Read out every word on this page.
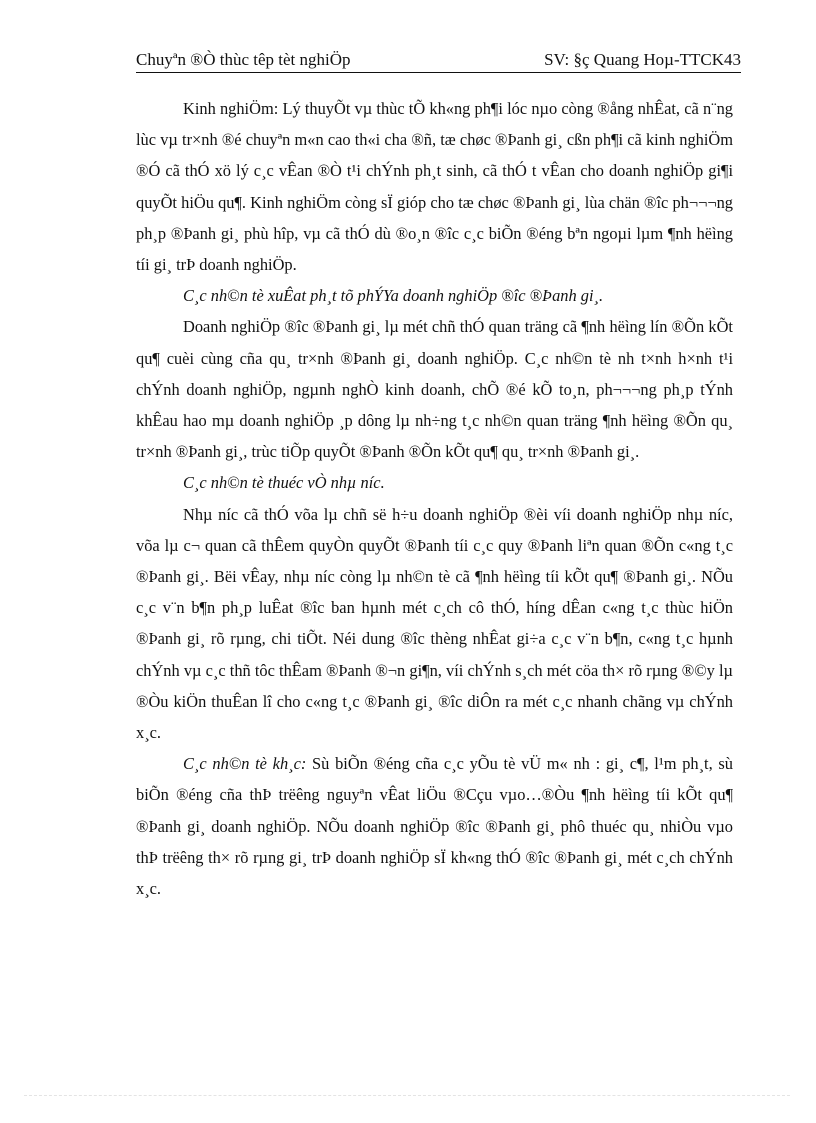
Chuyªn ®Ò thùc têp tèt nghiÖp	SV: §ç Quang Hoµ-TTCK43

Kinh nghiÖm: Lý thuyÕt vµ thùc tÕ kh«ng ph¶i lóc nµo còng ®ång nhÊat, cã n¨ng lùc vµ tr×nh ®é chuyªn m«n cao th«i cha ®ñ, tæ chøc ®Þanh gi¸ cßn ph¶i cã kinh nghiÖm ®Ó cã thÓ xö lý c¸c vÊan ®Ò t¹i chÝnh ph¸t sinh, cã thÓ t vÊan cho doanh nghiÖp gi¶i quyÕt hiÖu qu¶. Kinh nghiÖm còng sÏ gióp cho tæ chøc ®Þanh gi¸ lùa chän ®îc ph¬¬¬ng ph¸p ®Þanh gi¸ phù hîp, vµ cã thÓ dù ®o¸n ®îc c¸c biÕn ®éng bªn ngoµi lµm ¶nh hëìng tíi gi¸ trÞ doanh nghiÖp.

C¸c nh©n tè xuÊat ph¸t tõ phÝYa doanh nghiÖp ®îc ®Þanh gi¸.

Doanh nghiÖp ®îc ®Þanh gi¸ lµ mét chñ thÓ quan träng cã ¶nh hëìng lín ®Õn kÕt qu¶ cuèi cùng cña qu¸ tr×nh ®Þanh gi¸ doanh nghiÖp. C¸c nh©n tè nh t×nh h×nh t¹i chÝnh doanh nghiÖp, ngµnh nghÒ kinh doanh, chÕ ®é kÕ to¸n, ph¬¬¬ng ph¸p tÝnh khÊau hao mµ doanh nghiÖp ¸p dông lµ nh÷ng t¸c nh©n quan träng ¶nh hëìng ®Õn qu¸ tr×nh ®Þanh gi¸, trùc tiÕp quyÕt ®Þanh ®Õn kÕt qu¶ qu¸ tr×nh ®Þanh gi¸.

C¸c nh©n tè thuéc vÒ nhµ níc.

Nhµ níc cã thÓ võa lµ chñ së h÷u doanh nghiÖp ®èi víi doanh nghiÖp nhµ níc, võa lµ c¬ quan cã thÊem quyÒn quyÕt ®Þanh tíi c¸c quy ®Þanh liªn quan ®Õn c«ng t¸c ®Þanh gi¸. Bëi vÊay, nhµ níc còng lµ nh©n tè cã ¶nh hëìng tíi kÕt qu¶ ®Þanh gi¸. NÕu c¸c v¨n b¶n ph¸p luÊat ®îc ban hµnh mét c¸ch cô thÓ, híng dÊan c«ng t¸c thùc hiÖn ®Þanh gi¸ rõ rµng, chi tiÕt. Néi dung ®îc thèng nhÊat gi÷a c¸c v¨n b¶n, c«ng t¸c hµnh chÝnh vµ c¸c thñ tôc thÊam ®Þanh ®¬n gi¶n, víi chÝnh s¸ch mét cöa th× rõ rµng ®©y lµ ®Òu kiÖn thuÊan lî cho c«ng t¸c ®Þanh gi¸ ®îc diÔn ra mét c¸c nhanh chãng vµ chÝnh x¸c.

C¸c nh©n tè kh¸c: Sù biÕn ®éng cña c¸c yÕu tè vÜ m« nh : gi¸ c¶, l¹m ph¸t, sù biÕn ®éng cña thÞ trëêng nguyªn vÊat liÖu ®Cçu vµo…®Òu ¶nh hëìng tíi kÕt qu¶ ®Þanh gi¸ doanh nghiÖp. NÕu doanh nghiÖp ®îc ®Þanh gi¸ phô thuéc qu¸ nhiÒu vµo thÞ trëêng th× rõ rµng gi¸ trÞ doanh nghiÖp sÏ kh«ng thÓ ®îc ®Þanh gi¸ mét c¸ch chÝnh x¸c.
